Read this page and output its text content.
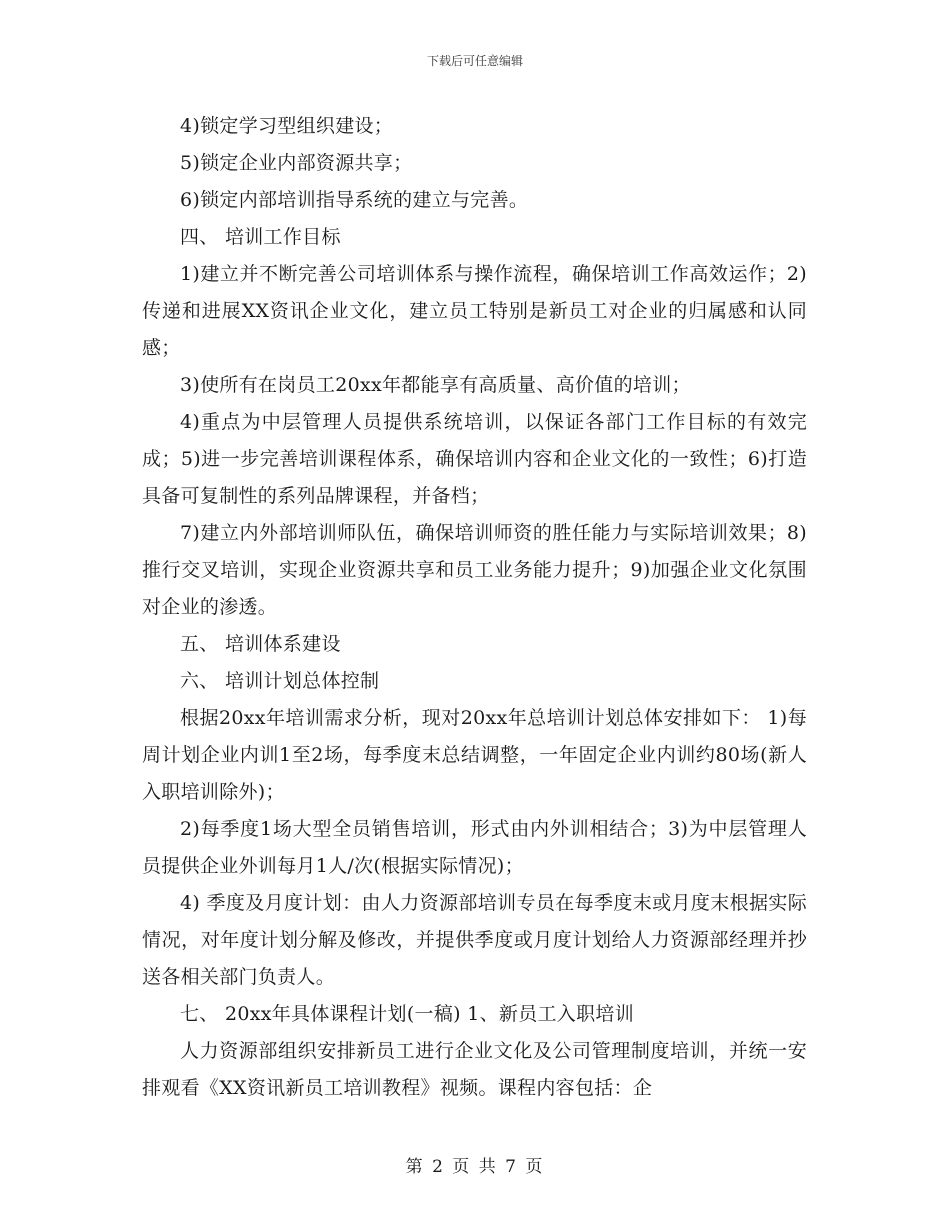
下载后可任意编辑

4)锁定学习型组织建设；

5)锁定企业内部资源共享；

6)锁定内部培训指导系统的建立与完善。

四、 培训工作目标

1)建立并不断完善公司培训体系与操作流程，确保培训工作高效运作；2)传递和进展XX资讯企业文化，建立员工特别是新员工对企业的归属感和认同感；

3)使所有在岗员工20xx年都能享有高质量、高价值的培训；

4)重点为中层管理人员提供系统培训，以保证各部门工作目标的有效完成；5)进一步完善培训课程体系，确保培训内容和企业文化的一致性；6)打造具备可复制性的系列品牌课程，并备档；

7)建立内外部培训师队伍，确保培训师资的胜任能力与实际培训效果；8)推行交叉培训，实现企业资源共享和员工业务能力提升；9)加强企业文化氛围对企业的渗透。

五、 培训体系建设

六、 培训计划总体控制

根据20xx年培训需求分析，现对20xx年总培训计划总体安排如下： 1)每周计划企业内训1至2场，每季度末总结调整，一年固定企业内训约80场(新人入职培训除外)；

2)每季度1场大型全员销售培训，形式由内外训相结合；3)为中层管理人员提供企业外训每月1人/次(根据实际情况)；

4) 季度及月度计划：由人力资源部培训专员在每季度末或月度末根据实际情况，对年度计划分解及修改，并提供季度或月度计划给人力资源部经理并抄送各相关部门负责人。

七、 20xx年具体课程计划(一稿) 1、新员工入职培训

人力资源部组织安排新员工进行企业文化及公司管理制度培训，并统一安排观看《XX资讯新员工培训教程》视频。课程内容包括：企

第 2 页 共 7 页
